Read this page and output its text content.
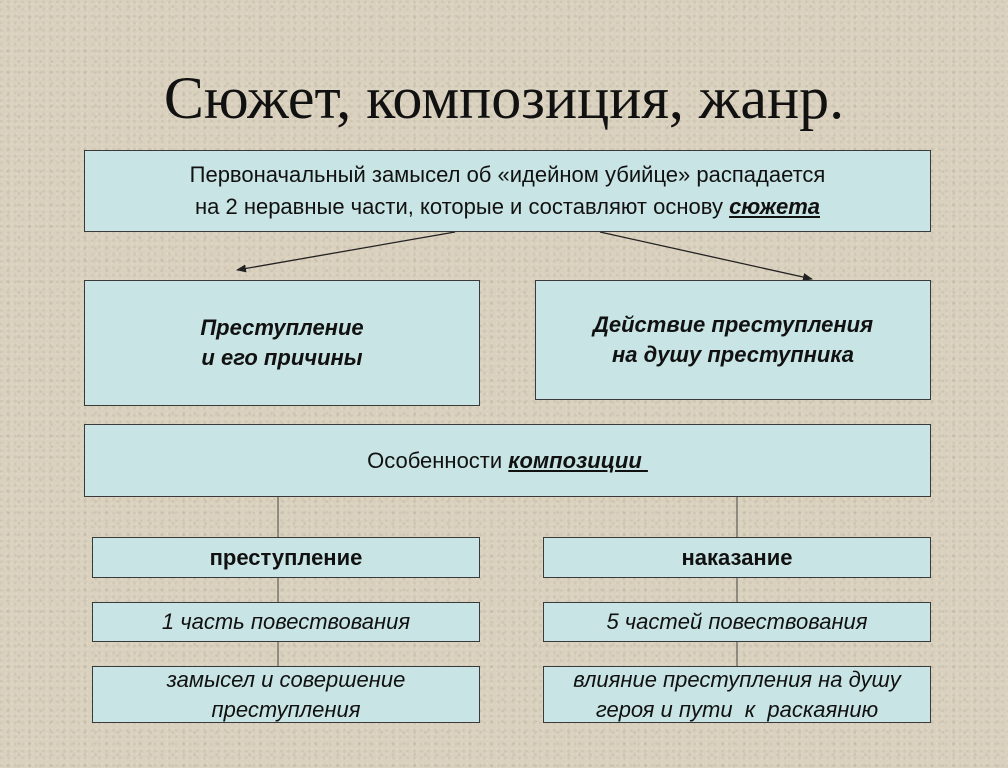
Сюжет, композиция, жанр.
Первоначальный замысел об «идейном убийце» распадается
на 2 неравные части, которые и составляют основу сюжета
Преступление
и его причины
Действие преступления
на душу преступника
Особенности композиции
преступление	наказание
1 часть повествования	5 частей повествования
замысел и совершение преступления
влияние преступления на душу героя и пути  к  раскаянию
